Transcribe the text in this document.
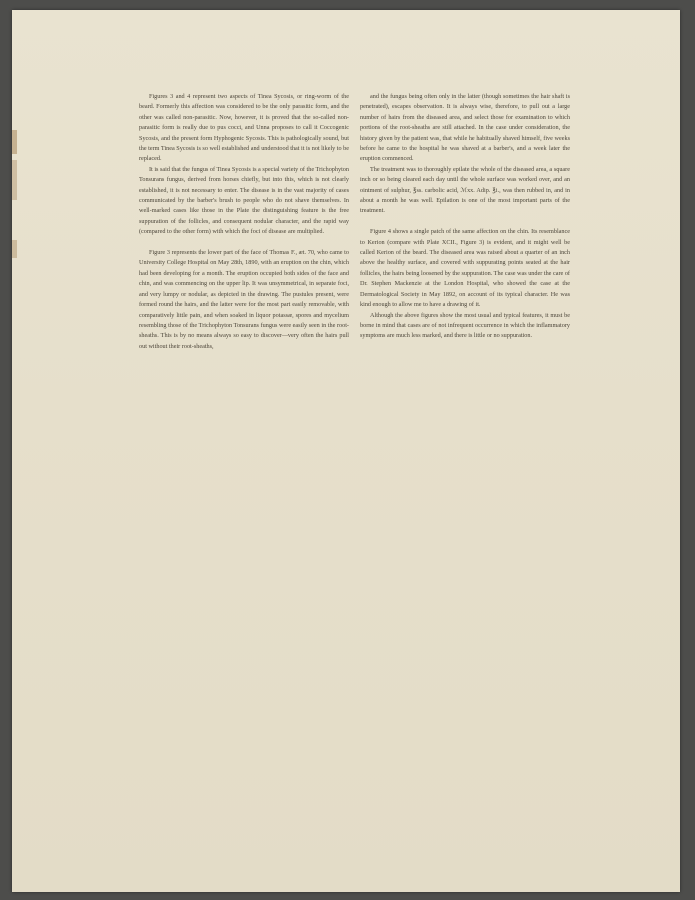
Figures 3 and 4 represent two aspects of Tinea Sycosis, or ring-worm of the beard. Formerly this affection was considered to be the only parasitic form, and the other was called non-parasitic. Now, however, it is proved that the so-called non-parasitic form is really due to pus cocci, and Unna proposes to call it Coccogenic Sycosis, and the present form Hyphogenic Sycosis. This is pathologically sound, but the term Tinea Sycosis is so well established and understood that it is not likely to be replaced.

It is said that the fungus of Tinea Sycosis is a special variety of the Trichophyton Tonsurans fungus, derived from horses chiefly, but into this, which is not clearly established, it is not necessary to enter. The disease is in the vast majority of cases communicated by the barber's brush to people who do not shave themselves. In well-marked cases like those in the Plate the distinguishing feature is the free suppuration of the follicles, and consequent nodular character, and the rapid way (compared to the other form) with which the foci of disease are multiplied.

Figure 3 represents the lower part of the face of Thomas F., æt. 70, who came to University College Hospital on May 28th, 1890, with an eruption on the chin, which had been developing for a month. The eruption occupied both sides of the face and chin, and was commencing on the upper lip. It was unsymmetrical, in separate foci, and very lumpy or nodular, as depicted in the drawing. The pustules present, were formed round the hairs, and the latter were for the most part easily removable, with comparatively little pain, and when soaked in liquor potassæ, spores and mycelium resembling those of the Trichophyton Tonsurans fungus were easily seen in the root-sheaths. This is by no means always so easy to discover—very often the hairs pull out without their root-sheaths,

and the fungus being often only in the latter (though sometimes the hair shaft is penetrated), escapes observation. It is always wise, therefore, to pull out a large number of hairs from the diseased area, and select those for examination to which portions of the root-sheaths are still attached. In the case under consideration, the history given by the patient was, that while he habitually shaved himself, five weeks before he came to the hospital he was shaved at a barber's, and a week later the eruption commenced.

The treatment was to thoroughly epilate the whole of the diseased area, a square inch or so being cleared each day until the whole surface was worked over, and an ointment of sulphur, ℥ss. carbolic acid, ℳxx. Adip. ℥i., was then rubbed in, and in about a month he was well. Epilation is one of the most important parts of the treatment.

Figure 4 shows a single patch of the same affection on the chin. Its resemblance to Kerion (compare with Plate XCII., Figure 3) is evident, and it might well be called Kerion of the beard. The diseased area was raised about a quarter of an inch above the healthy surface, and covered with suppurating points seated at the hair follicles, the hairs being loosened by the suppuration. The case was under the care of Dr. Stephen Mackenzie at the London Hospital, who showed the case at the Dermatological Society in May 1892, on account of its typical character. He was kind enough to allow me to have a drawing of it.

Although the above figures show the most usual and typical features, it must be borne in mind that cases are of not infrequent occurrence in which the inflammatory symptoms are much less marked, and there is little or no suppuration.
